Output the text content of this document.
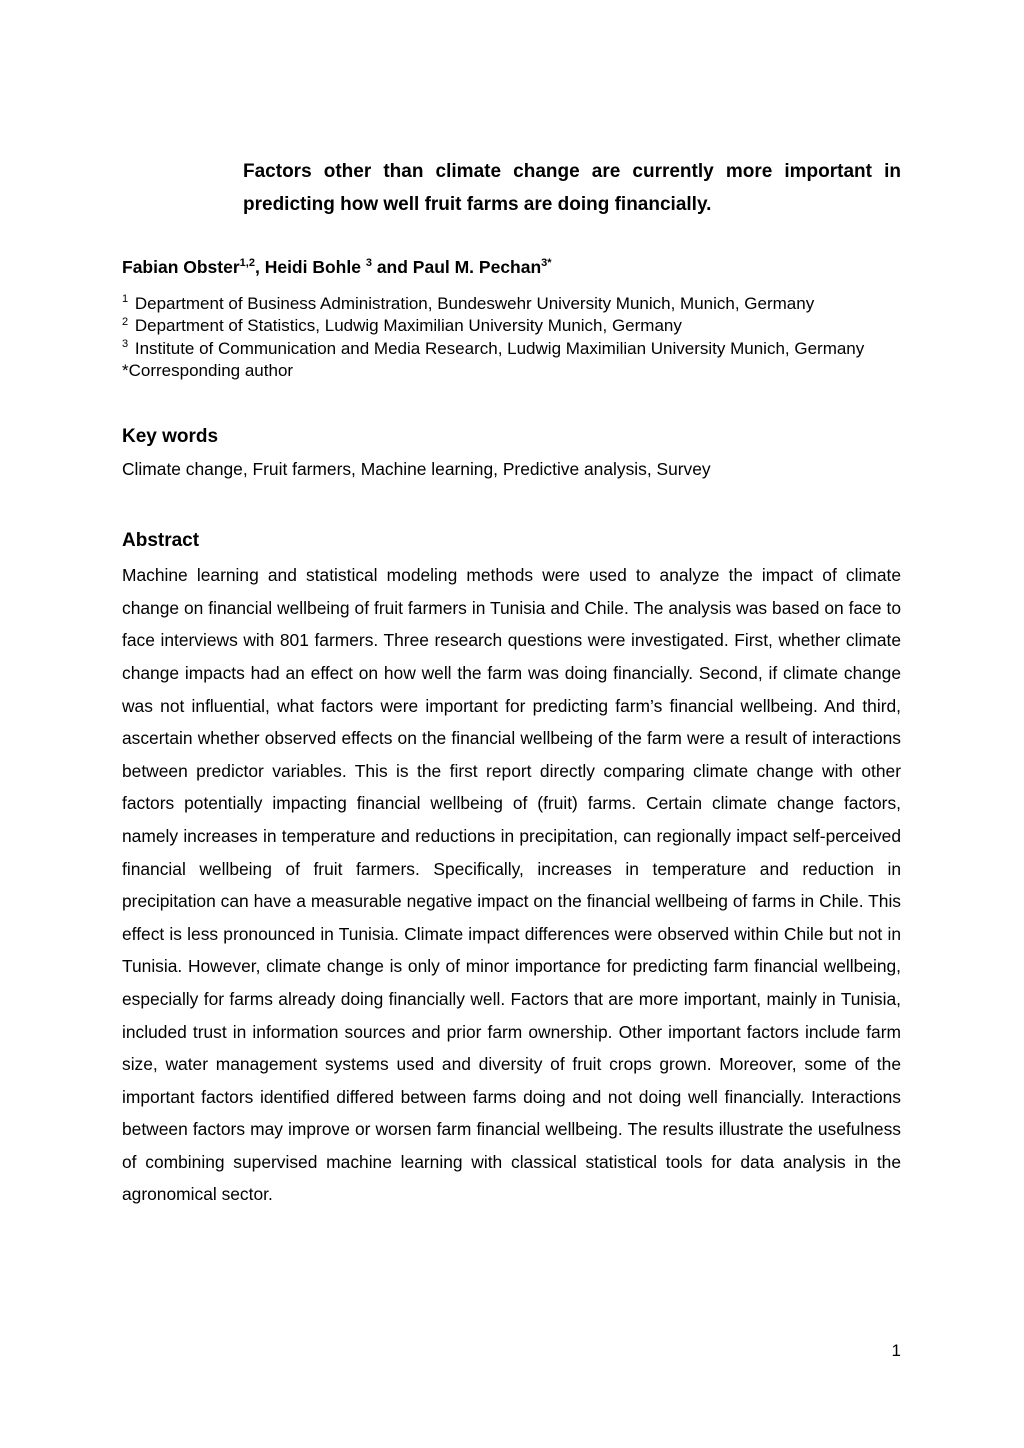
Factors other than climate change are currently more important in
predicting how well fruit farms are doing financially.
Fabian Obster$^{1,2}$, Heidi Bohle $^3$ and Paul M. Pechan$^{3*}$
$^1$ Department of Business Administration, Bundeswehr University Munich, Munich, Germany
$^2$ Department of Statistics, Ludwig Maximilian University Munich, Germany
$^3$ Institute of Communication and Media Research, Ludwig Maximilian University Munich, Germany
*Corresponding author
Key words
Climate change, Fruit farmers, Machine learning, Predictive analysis, Survey
Abstract
Machine learning and statistical modeling methods were used to analyze the impact of climate change on financial wellbeing of fruit farmers in Tunisia and Chile. The analysis was based on face to face interviews with 801 farmers. Three research questions were investigated. First, whether climate change impacts had an effect on how well the farm was doing financially. Second, if climate change was not influential, what factors were important for predicting farm’s financial wellbeing. And third, ascertain whether observed effects on the financial wellbeing of the farm were a result of interactions between predictor variables. This is the first report directly comparing climate change with other factors potentially impacting financial wellbeing of (fruit) farms. Certain climate change factors, namely increases in temperature and reductions in precipitation, can regionally impact self-perceived financial wellbeing of fruit farmers. Specifically, increases in temperature and reduction in precipitation can have a measurable negative impact on the financial wellbeing of farms in Chile. This effect is less pronounced in Tunisia. Climate impact differences were observed within Chile but not in Tunisia. However, climate change is only of minor importance for predicting farm financial wellbeing, especially for farms already doing financially well. Factors that are more important, mainly in Tunisia, included trust in information sources and prior farm ownership. Other important factors include farm size, water management systems used and diversity of fruit crops grown. Moreover, some of the important factors identified differed between farms doing and not doing well financially. Interactions between factors may improve or worsen farm financial wellbeing. The results illustrate the usefulness of combining supervised machine learning with classical statistical tools for data analysis in the agronomical sector.
1
